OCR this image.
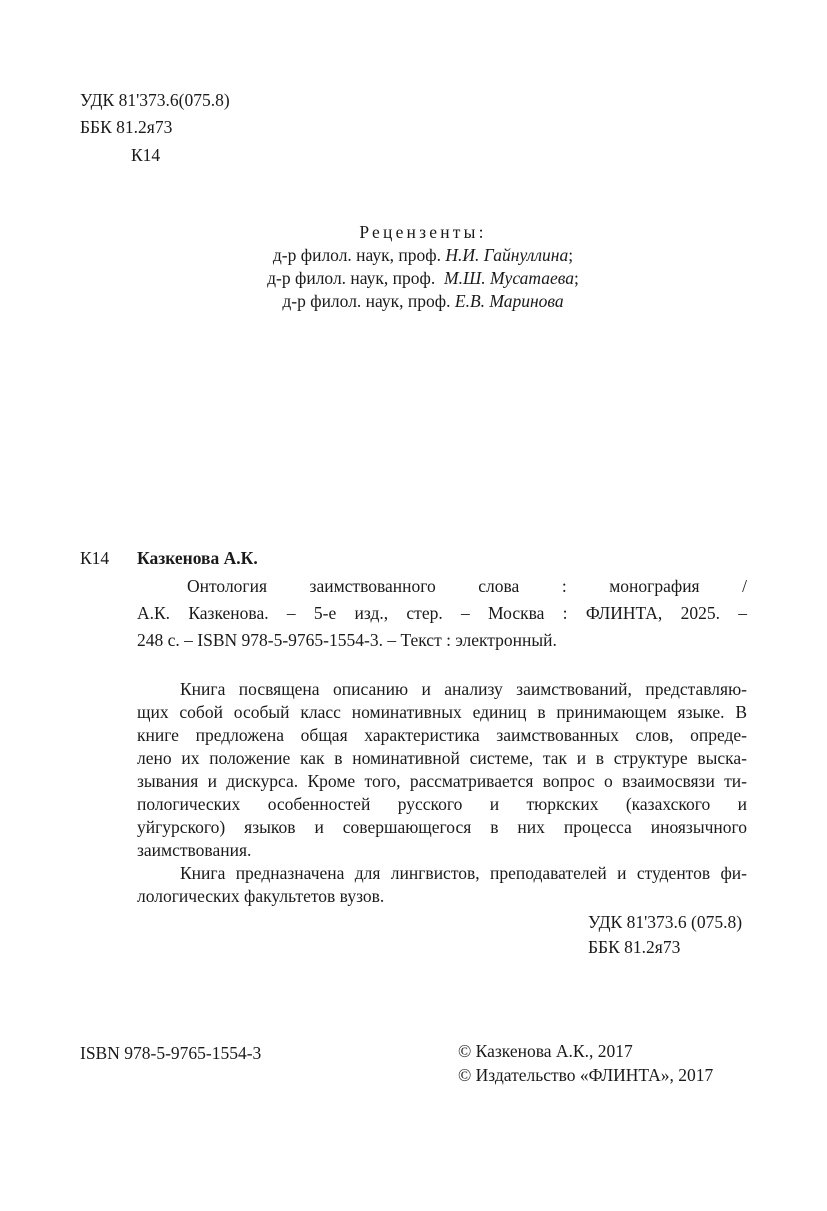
УДК 81'373.6(075.8)
ББК 81.2я73
К14
Рецензенты:
д-р филол. наук, проф. Н.И. Гайнуллина;
д-р филол. наук, проф.  М.Ш. Мусатаева;
д-р филол. наук, проф. Е.В. Маринова
К14 Казкенова А.К.
Онтология заимствованного слова : монография /
А.К. Казкенова. – 5-е изд., стер. – Москва : ФЛИНТА, 2025. –
248 с. – ISBN 978-5-9765-1554-3. – Текст : электронный.
Книга посвящена описанию и анализу заимствований, представляю-
щих собой особый класс номинативных единиц в принимающем языке. В
книге предложена общая характеристика заимствованных слов, опреде-
лено их положение как в номинативной системе, так и в структуре выска-
зывания и дискурса. Кроме того, рассматривается вопрос о взаимосвязи ти-
пологических особенностей русского и тюркских (казахского и
уйгурского) языков и совершающегося в них процесса иноязычного
заимствования.
Книга предназначена для лингвистов, преподавателей и студентов фи-
лологических факультетов вузов.
УДК 81'373.6 (075.8)
ББК 81.2я73
ISBN 978-5-9765-1554-3	© Казкенова А.К., 2017
© Издательство «ФЛИНТА», 2017
